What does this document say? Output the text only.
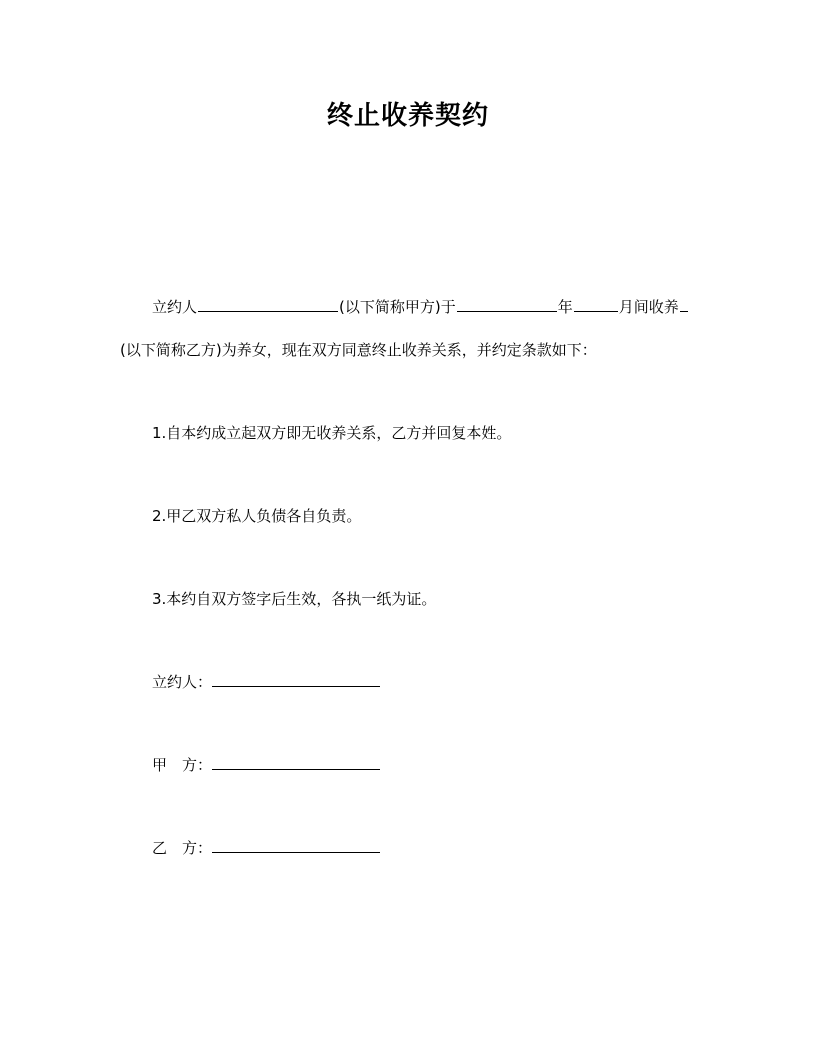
终止收养契约
立约人	(以下简称甲方)于	年	月间收养
(以下简称乙方)为养女，现在双方同意终止收养关系，并约定条款如下：
1.自本约成立起双方即无收养关系，乙方并回复本姓。
2.甲乙双方私人负债各自负责。
3.本约自双方签字后生效，各执一纸为证。
立约人：
甲　方：
乙　方：
